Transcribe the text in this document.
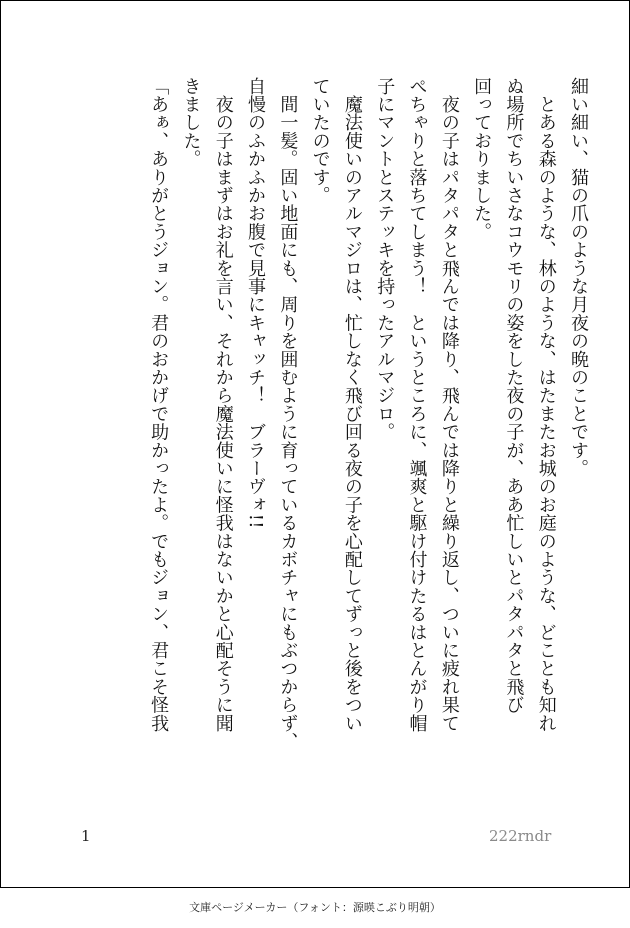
細い細い、猫の爪のような月夜の晩のことです。

　とある森のような、林のような、はたまたお城のお庭のような、どことも知れ

ぬ場所でちいさなコウモリの姿をした夜の子が、ああ忙しいとパタパタと飛び

回っておりました。

　夜の子はパタパタと飛んでは降り、飛んでは降りと繰り返し、ついに疲れ果て

ぺちゃりと落ちてしまう！　というところに、颯爽と駆け付けたるはとんがり帽

子にマントとステッキを持ったアルマジロ。

　魔法使いのアルマジロは、忙しなく飛び回る夜の子を心配してずっと後をつい

ていたのです。

　間一髪。固い地面にも、周りを囲むように育っているカボチャにもぶつからず、

自慢のふかふかお腹で見事にキャッチ！　ブラーヴォ!!

　夜の子はまずはお礼を言い、それから魔法使いに怪我はないかと心配そうに聞

きました。

「あぁ、ありがとうジョン。君のおかげで助かったよ。でもジョン、君こそ怪我

1	222rndr
文庫ページメーカー（フォント：源暎こぶり明朝）
